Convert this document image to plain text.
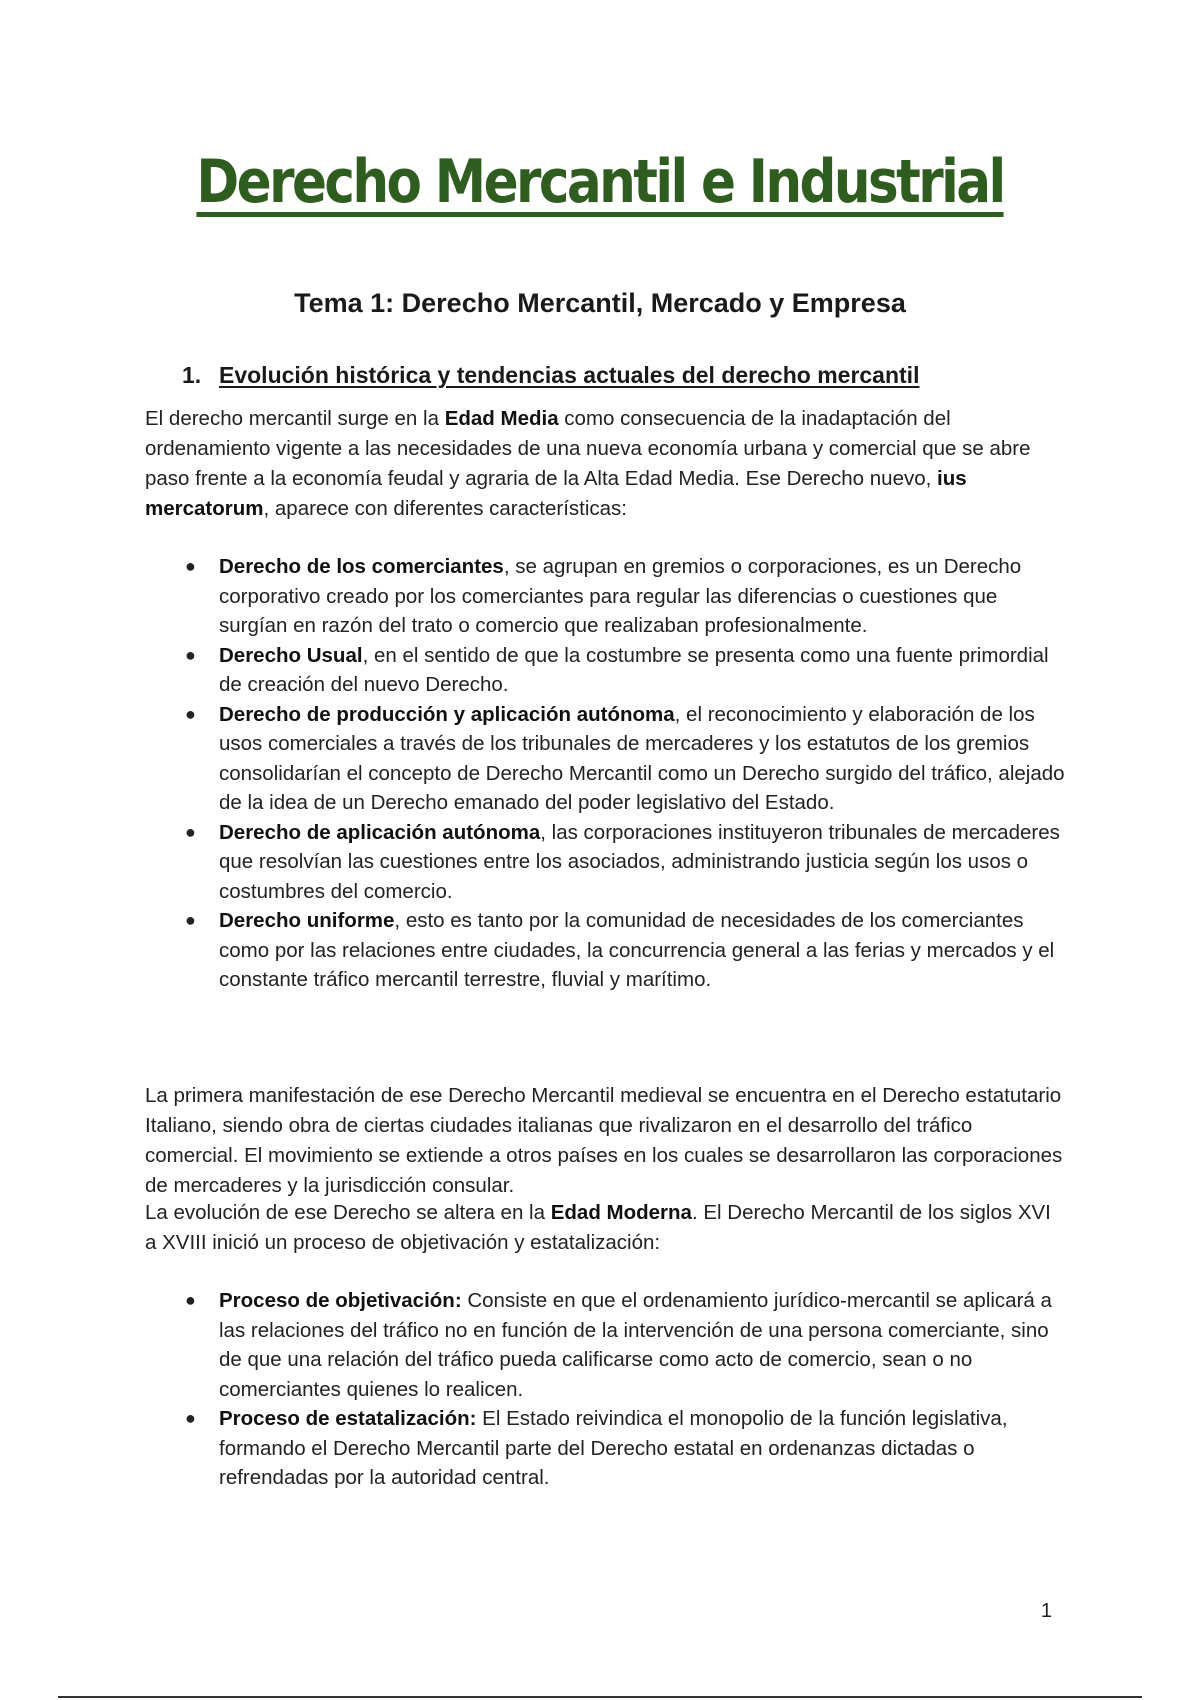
Derecho Mercantil e Industrial
Tema 1: Derecho Mercantil, Mercado y Empresa
1. Evolución histórica y tendencias actuales del derecho mercantil

El derecho mercantil surge en la Edad Media como consecuencia de la inadaptación del ordenamiento vigente a las necesidades de una nueva economía urbana y comercial que se abre paso frente a la economía feudal y agraria de la Alta Edad Media. Ese Derecho nuevo, ius mercatorum, aparece con diferentes características:

● Derecho de los comerciantes, se agrupan en gremios o corporaciones, es un Derecho corporativo creado por los comerciantes para regular las diferencias o cuestiones que surgían en razón del trato o comercio que realizaban profesionalmente.
● Derecho Usual, en el sentido de que la costumbre se presenta como una fuente primordial de creación del nuevo Derecho.
● Derecho de producción y aplicación autónoma, el reconocimiento y elaboración de los usos comerciales a través de los tribunales de mercaderes y los estatutos de los gremios consolidarían el concepto de Derecho Mercantil como un Derecho surgido del tráfico, alejado de la idea de un Derecho emanado del poder legislativo del Estado.
● Derecho de aplicación autónoma, las corporaciones instituyeron tribunales de mercaderes que resolvían las cuestiones entre los asociados, administrando justicia según los usos o costumbres del comercio.
● Derecho uniforme, esto es tanto por la comunidad de necesidades de los comerciantes como por las relaciones entre ciudades, la concurrencia general a las ferias y mercados y el constante tráfico mercantil terrestre, fluvial y marítimo.

La primera manifestación de ese Derecho Mercantil medieval se encuentra en el Derecho estatutario Italiano, siendo obra de ciertas ciudades italianas que rivalizaron en el desarrollo del tráfico comercial. El movimiento se extiende a otros países en los cuales se desarrollaron las corporaciones de mercaderes y la jurisdicción consular.

La evolución de ese Derecho se altera en la Edad Moderna. El Derecho Mercantil de los siglos XVI a XVIII inició un proceso de objetivación y estatalización:

● Proceso de objetivación: Consiste en que el ordenamiento jurídico-mercantil se aplicará a las relaciones del tráfico no en función de la intervención de una persona comerciante, sino de que una relación del tráfico pueda calificarse como acto de comercio, sean o no comerciantes quienes lo realicen.
● Proceso de estatalización: El Estado reivindica el monopolio de la función legislativa, formando el Derecho Mercantil parte del Derecho estatal en ordenanzas dictadas o refrendadas por la autoridad central.
1
